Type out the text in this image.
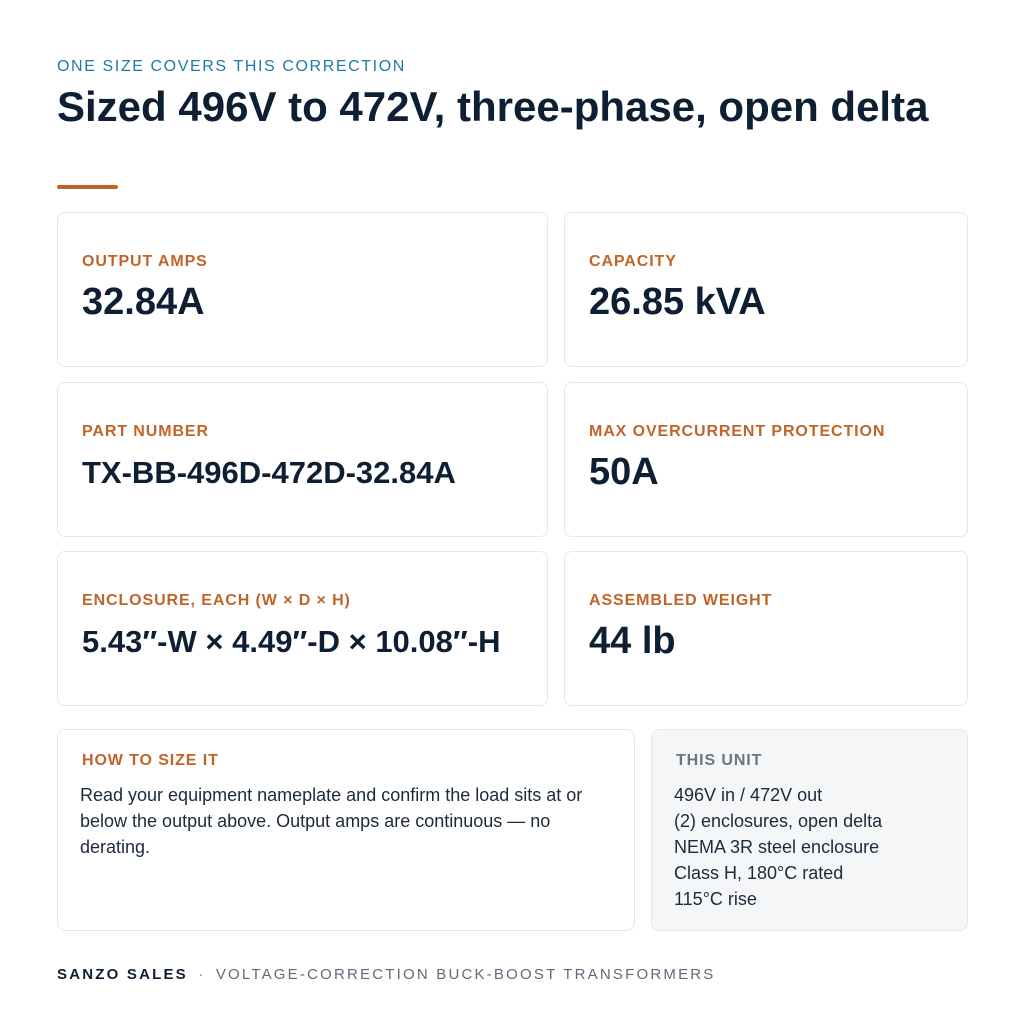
ONE SIZE COVERS THIS CORRECTION
Sized 496V to 472V, three-phase, open delta
OUTPUT AMPS
32.84A
CAPACITY
26.85 kVA
PART NUMBER
TX-BB-496D-472D-32.84A
MAX OVERCURRENT PROTECTION
50A
ENCLOSURE, EACH (W × D × H)
5.43″-W × 4.49″-D × 10.08″-H
ASSEMBLED WEIGHT
44 lb
HOW TO SIZE IT

Read your equipment nameplate and confirm the load sits at or below the output above. Output amps are continuous — no derating.

THIS UNIT
496V in / 472V out
(2) enclosures, open delta
NEMA 3R steel enclosure
Class H, 180°C rated
115°C rise
SANZO SALES · VOLTAGE-CORRECTION BUCK-BOOST TRANSFORMERS
